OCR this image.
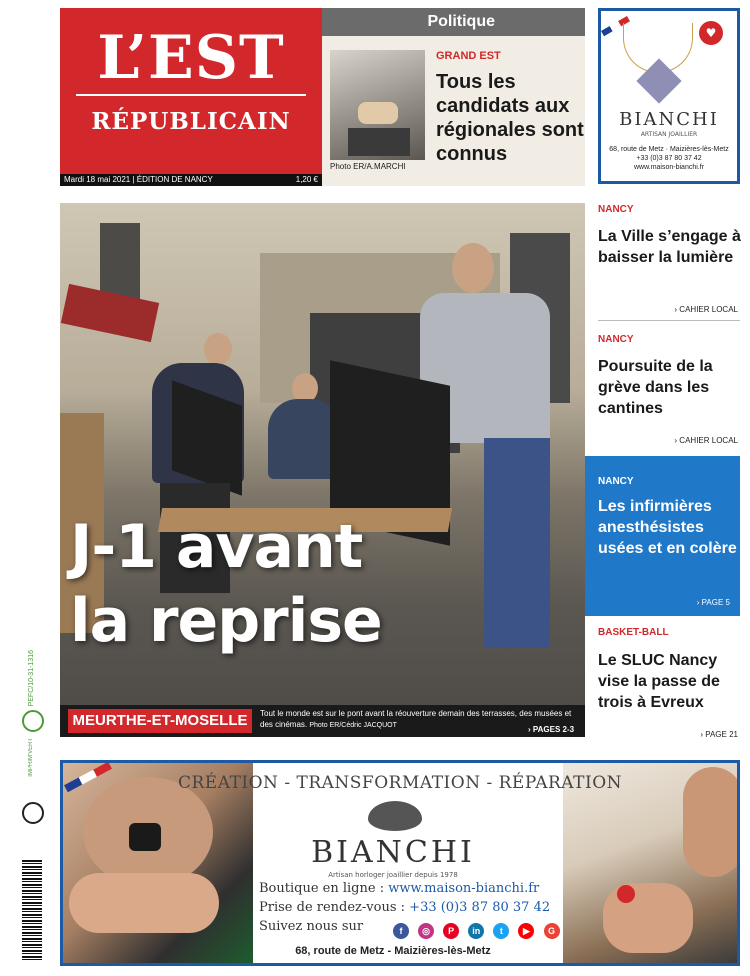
L’EST
RÉPUBLICAIN
Mardi 18 mai 2021 | ÉDITION DE NANCY	1,20 €
Politique
Photo ER/A.MARCHI
GRAND EST
Tous les candidats aux régionales sont connus
♥
BIANCHI
ARTISAN JOAILLIER
68, route de Metz · Maizières-lès-Metz
+33 (0)3 87 80 37 42
www.maison-bianchi.fr
J-1 avant
la reprise
MEURTHE-ET-MOSELLE	Tout le monde est sur le pont avant la réouverture demain des terrasses, des musées et des cinémas. Photo ER/Cédric JACQUOT	› PAGES 2-3
NANCY
La Ville s’engage à baisser la lumière
› CAHIER LOCAL
NANCY
Poursuite de la grève dans les cantines
› CAHIER LOCAL
NANCY
Les infirmières anesthésistes usées et en colère
› PAGE 5
BASKET-BALL
Le SLUC Nancy vise la passe de trois à Evreux
› PAGE 21
PEFC/10-31-1316
IMPRIM'VERT
CRÉATION - TRANSFORMATION - RÉPARATION
BIANCHI
Artisan horloger joaillier depuis 1978
Boutique en ligne : www.maison-bianchi.fr
Prise de rendez-vous : +33 (0)3 87 80 37 42
Suivez nous sur	f ◎ P in t ▶ G
68, route de Metz - Maizières-lès-Metz
